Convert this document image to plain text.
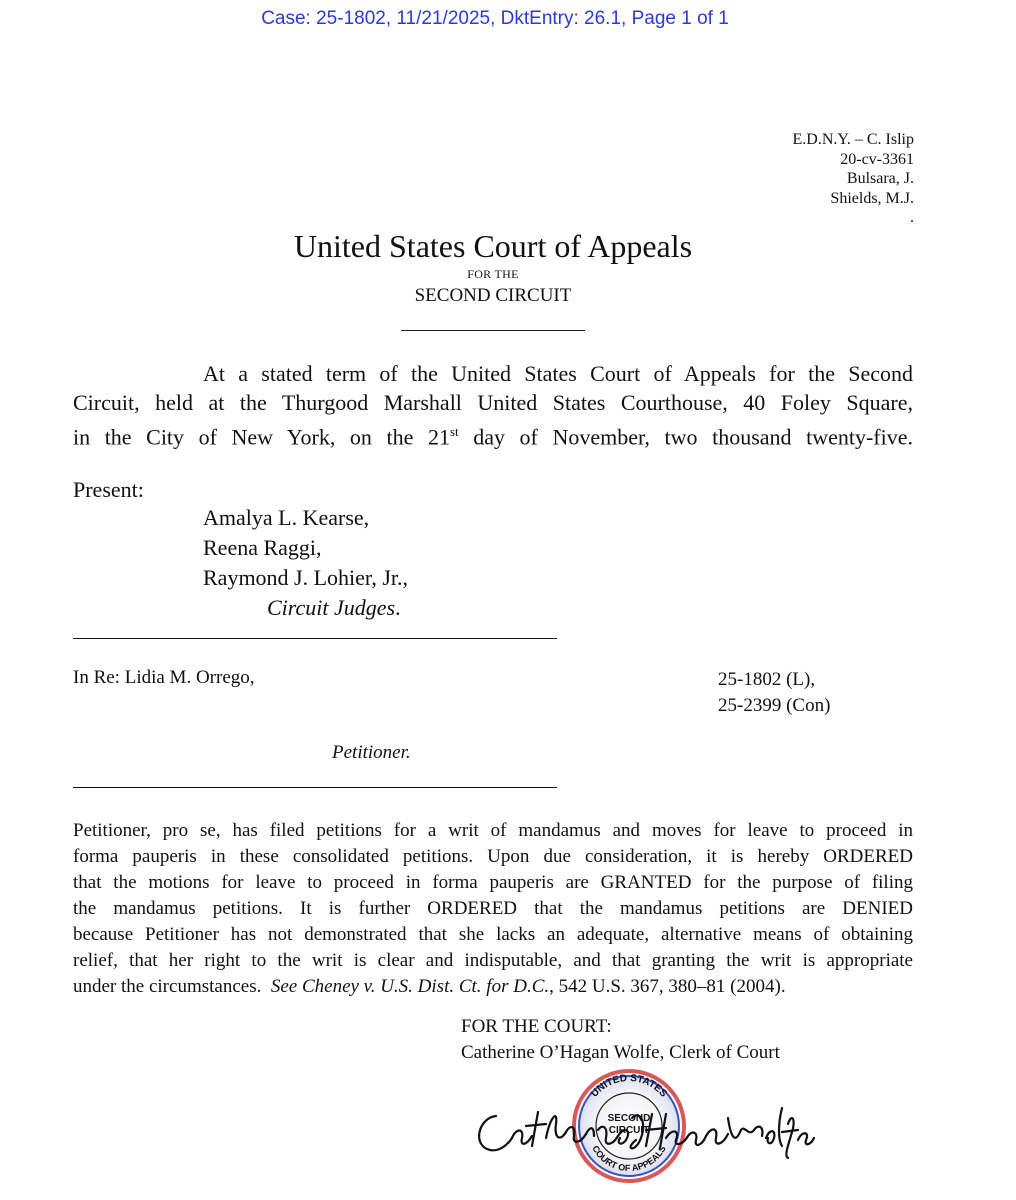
Case: 25-1802, 11/21/2025, DktEntry: 26.1, Page 1 of 1
E.D.N.Y. – C. Islip
20-cv-3361
Bulsara, J.
Shields, M.J.
.
United States Court of Appeals
FOR THE
SECOND CIRCUIT

At a stated term of the United States Court of Appeals for the Second

Circuit, held at the Thurgood Marshall United States Courthouse, 40 Foley Square,
in the City of New York, on the 21st day of November, two thousand twenty-five.
Present:
Amalya L. Kearse,
Reena Raggi,
Raymond J. Lohier, Jr.,
Circuit Judges.
In Re: Lidia M. Orrego,	25-1802 (L),
25-2399 (Con)
Petitioner.
Petitioner, pro se, has filed petitions for a writ of mandamus and moves for leave to proceed in
forma pauperis in these consolidated petitions. Upon due consideration, it is hereby ORDERED
that the motions for leave to proceed in forma pauperis are GRANTED for the purpose of filing
the mandamus petitions. It is further ORDERED that the mandamus petitions are DENIED
because Petitioner has not demonstrated that she lacks an adequate, alternative means of obtaining
relief, that her right to the writ is clear and indisputable, and that granting the writ is appropriate
under the circumstances.  See Cheney v. U.S. Dist. Ct. for D.C., 542 U.S. 367, 380–81 (2004).
FOR THE COURT:
Catherine O’Hagan Wolfe, Clerk of Court
UNITED STATES
COURT OF APPEALS
SECOND
CIRCUIT
